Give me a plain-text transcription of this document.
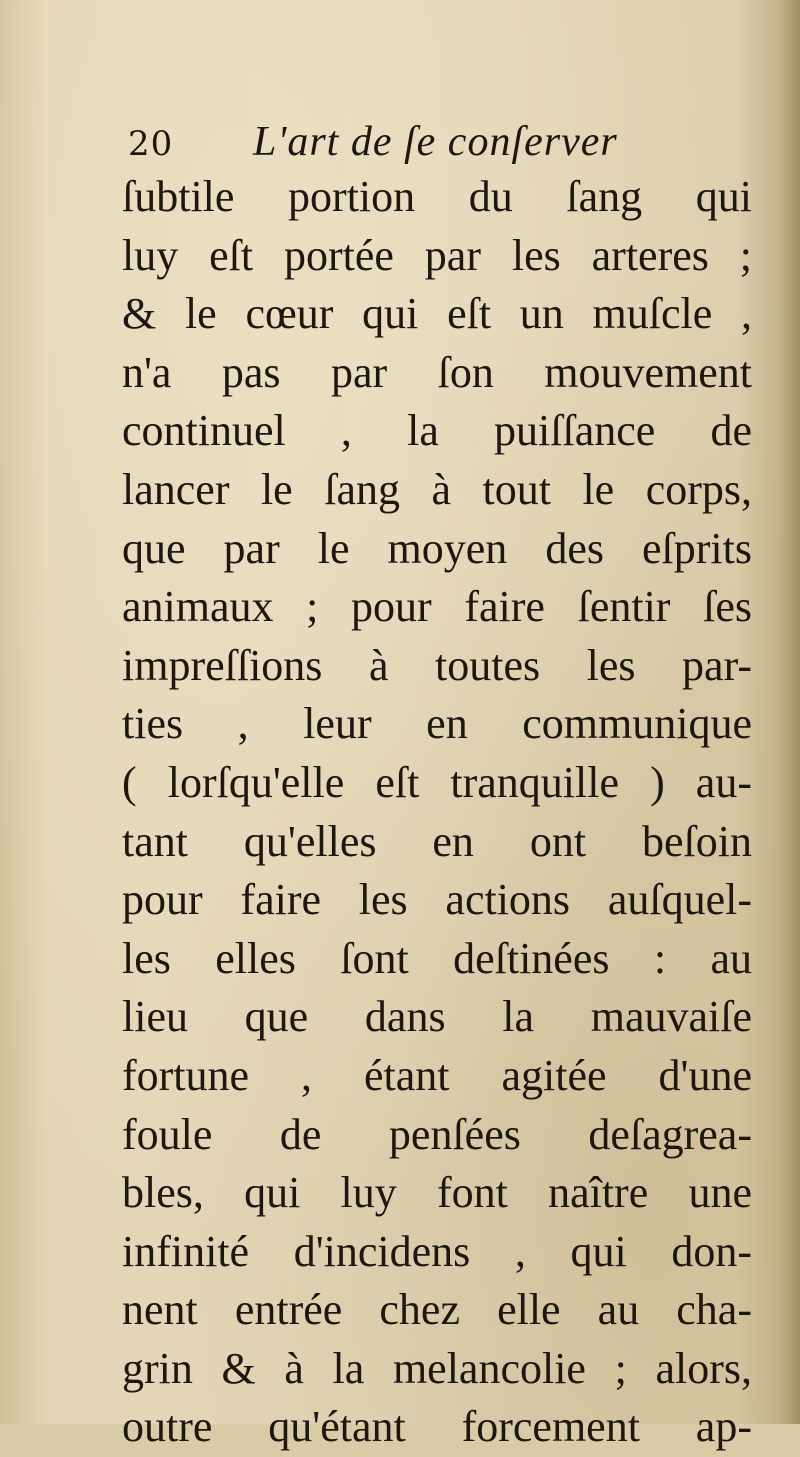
20	L'art de ſe conſerver
ſubtile portion du ſang qui
luy eſt portée par les arteres ;
& le cœur qui eſt un muſcle ,
n'a pas par ſon mouvement
continuel , la puiſſance de
lancer le ſang à tout le corps,
que par le moyen des eſprits
animaux ; pour faire ſentir ſes
impreſſions à toutes les par-
ties , leur en communique
( lorſqu'elle eſt tranquille ) au-
tant qu'elles en ont beſoin
pour faire les actions auſquel-
les elles ſont deſtinées : au
lieu que dans la mauvaiſe
fortune , étant agitée d'une
foule de penſées deſagrea-
bles, qui luy font naître une
infinité d'incidens , qui don-
nent entrée chez elle au cha-
grin & à la melancolie ; alors,
outre qu'étant forcement ap-
